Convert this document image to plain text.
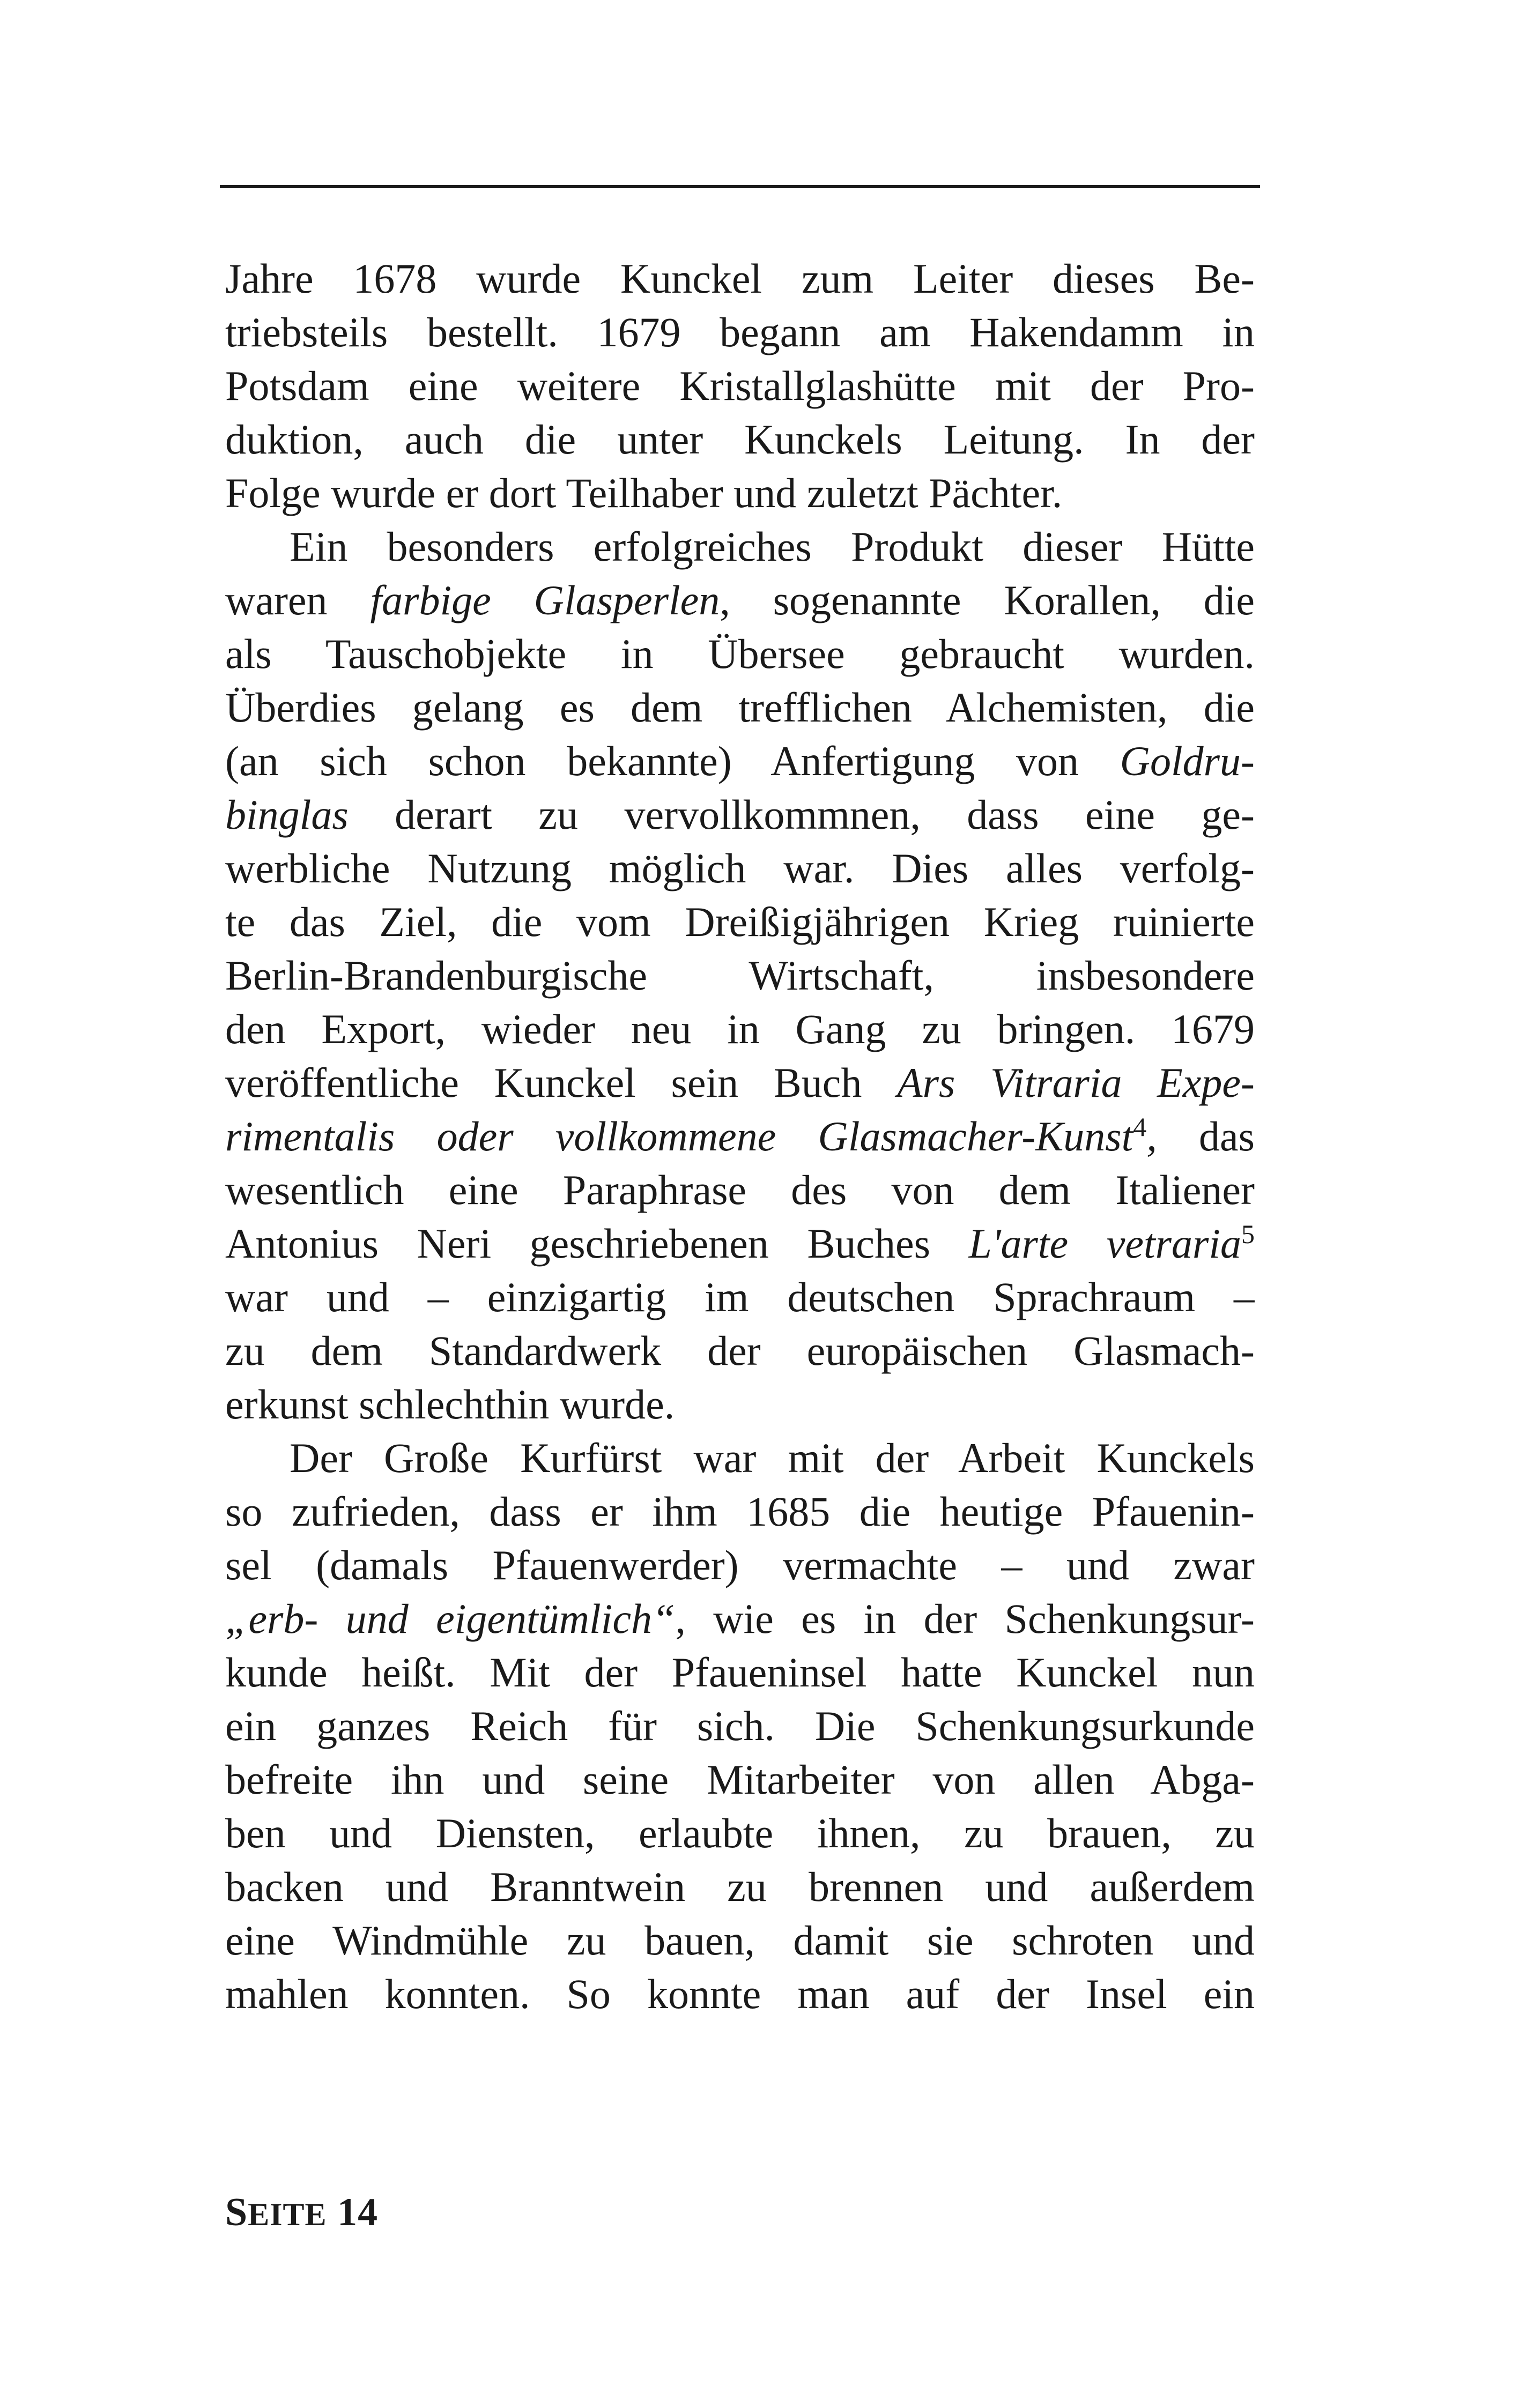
Jahre 1678 wurde Kunckel zum Leiter dieses Be-
triebsteils bestellt. 1679 begann am Hakendamm in
Potsdam eine weitere Kristallglashütte mit der Pro-
duktion, auch die unter Kunckels Leitung. In der
Folge wurde er dort Teilhaber und zuletzt Pächter.
Ein besonders erfolgreiches Produkt dieser Hütte
waren farbige Glasperlen, sogenannte Korallen, die
als Tauschobjekte in Übersee gebraucht wurden.
Überdies gelang es dem trefflichen Alchemisten, die
(an sich schon bekannte) Anfertigung von Goldru-
binglas derart zu vervollkommnen, dass eine ge-
werbliche Nutzung möglich war. Dies alles verfolg-
te das Ziel, die vom Dreißigjährigen Krieg ruinierte
Berlin-Brandenburgische Wirtschaft, insbesondere
den Export, wieder neu in Gang zu bringen. 1679
veröffentliche Kunckel sein Buch Ars Vitraria Expe-
rimentalis oder vollkommene Glasmacher-Kunst$^4$, das
wesentlich eine Paraphrase des von dem Italiener
Antonius Neri geschriebenen Buches L'arte vetraria$^5$
war und – einzigartig im deutschen Sprachraum –
zu dem Standardwerk der europäischen Glasmach-
erkunst schlechthin wurde.
Der Große Kurfürst war mit der Arbeit Kunckels
so zufrieden, dass er ihm 1685 die heutige Pfauenin-
sel (damals Pfauenwerder) vermachte – und zwar
„erb- und eigentümlich“, wie es in der Schenkungsur-
kunde heißt. Mit der Pfaueninsel hatte Kunckel nun
ein ganzes Reich für sich. Die Schenkungsurkunde
befreite ihn und seine Mitarbeiter von allen Abga-
ben und Diensten, erlaubte ihnen, zu brauen, zu
backen und Branntwein zu brennen und außerdem
eine Windmühle zu bauen, damit sie schroten und
mahlen konnten. So konnte man auf der Insel ein
SEITE 14
